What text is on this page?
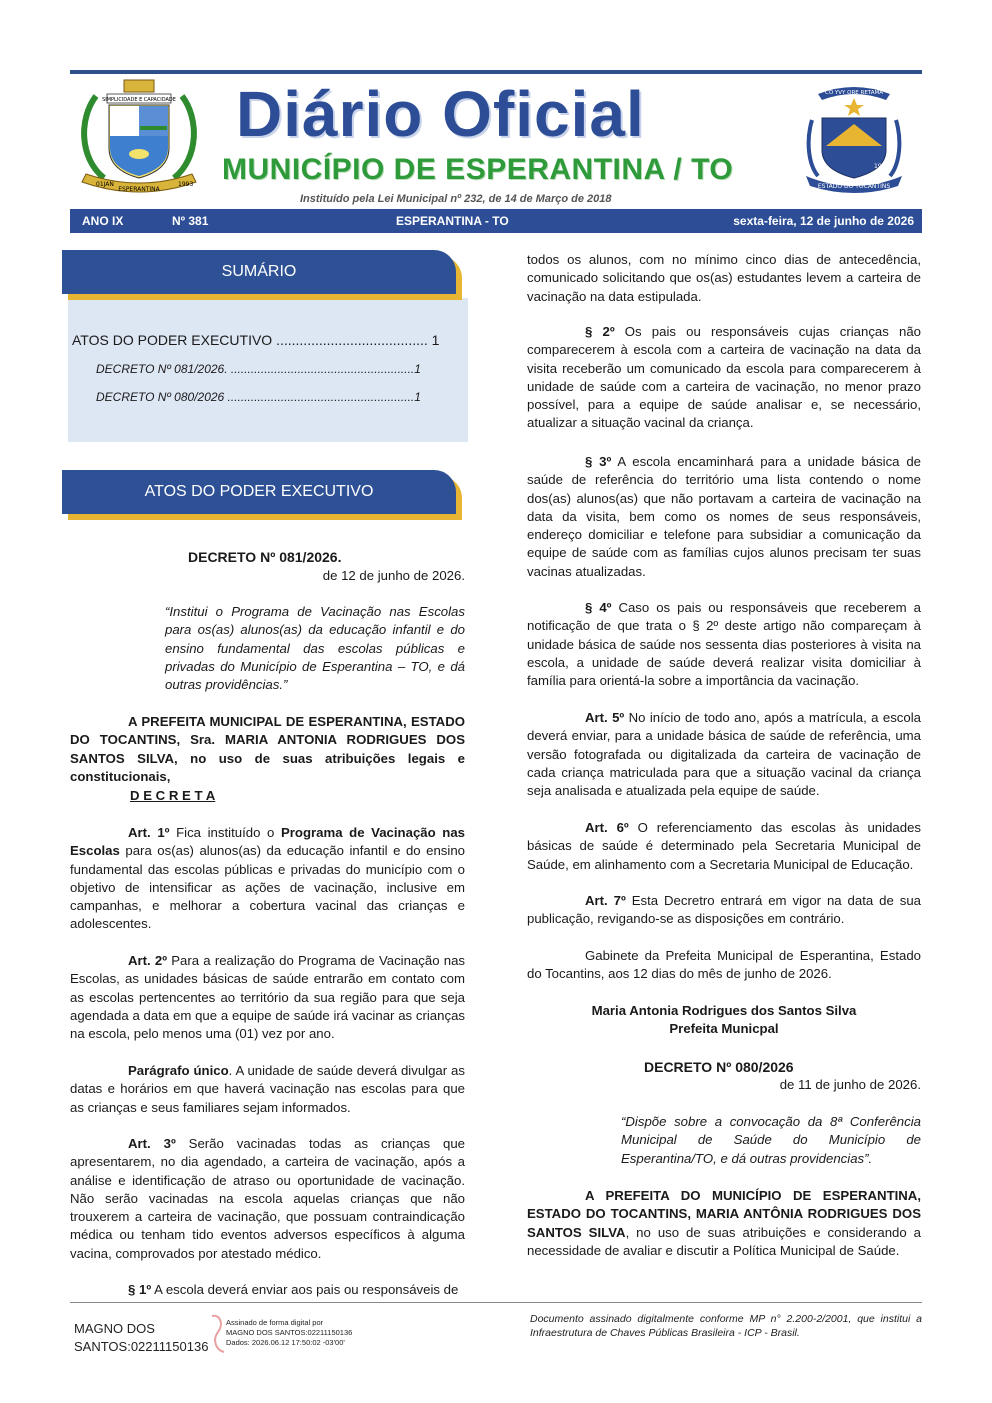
SIMPLICIDADE E CAPACIDADE
01JAN
ESPERANTINA
1993
Diário Oficial
MUNICÍPIO DE ESPERANTINA / TO
Instituído pela Lei Municipal nº 232, de 14 de Março de 2018
CO YVY ORE RETAMA
1989
ESTADO DO TOCANTINS
ANO IX	Nº 381	ESPERANTINA - TO	sexta-feira, 12 de junho de 2026
SUMÁRIO
ATOS DO PODER EXECUTIVO ....................................... 1
DECRETO Nº 081/2026. .......................................................1
DECRETO Nº 080/2026 ........................................................1
ATOS DO PODER EXECUTIVO
DECRETO Nº 081/2026.
de 12 de junho de 2026.
“Institui o Programa de Vacinação nas Escolas para os(as) alunos(as) da educação infantil e do ensino fundamental das escolas públicas e privadas do Município de Esperantina – TO, e dá outras providências.”
A PREFEITA MUNICIPAL DE ESPERANTINA, ESTADO DO TOCANTINS, Sra. MARIA ANTONIA RODRIGUES DOS SANTOS SILVA, no uso de suas atribuições legais e constitucionais,
D E C R E T A
Art. 1º Fica instituído o Programa de Vacinação nas Escolas para os(as) alunos(as) da educação infantil e do ensino fundamental das escolas públicas e privadas do município com o objetivo de intensificar as ações de vacinação, inclusive em campanhas, e melhorar a cobertura vacinal das crianças e adolescentes.
Art. 2º Para a realização do Programa de Vacinação nas Escolas, as unidades básicas de saúde entrarão em contato com as escolas pertencentes ao território da sua região para que seja agendada a data em que a equipe de saúde irá vacinar as crianças na escola, pelo menos uma (01) vez por ano.
Parágrafo único. A unidade de saúde deverá divulgar as datas e horários em que haverá vacinação nas escolas para que as crianças e seus familiares sejam informados.
Art. 3º Serão vacinadas todas as crianças que apresentarem, no dia agendado, a carteira de vacinação, após a análise e identificação de atraso ou oportunidade de vacinação. Não serão vacinadas na escola aquelas crianças que não trouxerem a carteira de vacinação, que possuam contraindicação médica ou tenham tido eventos adversos específicos à alguma vacina, comprovados por atestado médico.
§ 1º A escola deverá enviar aos pais ou responsáveis de
todos os alunos, com no mínimo cinco dias de antecedência, comunicado solicitando que os(as) estudantes levem a carteira de vacinação na data estipulada.
§ 2º Os pais ou responsáveis cujas crianças não comparecerem à escola com a carteira de vacinação na data da visita receberão um comunicado da escola para comparecerem à unidade de saúde com a carteira de vacinação, no menor prazo possível, para a equipe de saúde analisar e, se necessário, atualizar a situação vacinal da criança.
§ 3º A escola encaminhará para a unidade básica de saúde de referência do território uma lista contendo o nome dos(as) alunos(as) que não portavam a carteira de vacinação na data da visita, bem como os nomes de seus responsáveis, endereço domiciliar e telefone para subsidiar a comunicação da equipe de saúde com as famílias cujos alunos precisam ter suas vacinas atualizadas.
§ 4º Caso os pais ou responsáveis que receberem a notificação de que trata o § 2º deste artigo não compareçam à unidade básica de saúde nos sessenta dias posteriores à visita na escola, a unidade de saúde deverá realizar visita domiciliar à família para orientá-la sobre a importância da vacinação.
Art. 5º No início de todo ano, após a matrícula, a escola deverá enviar, para a unidade básica de saúde de referência, uma versão fotografada ou digitalizada da carteira de vacinação de cada criança matriculada para que a situação vacinal da criança seja analisada e atualizada pela equipe de saúde.
Art. 6º O referenciamento das escolas às unidades básicas de saúde é determinado pela Secretaria Municipal de Saúde, em alinhamento com a Secretaria Municipal de Educação.
Art. 7º Esta Decretro entrará em vigor na data de sua publicação, revigando-se as disposições em contrário.
Gabinete da Prefeita Municipal de Esperantina, Estado do Tocantins, aos 12 dias do mês de junho de 2026.
Maria Antonia Rodrigues dos Santos Silva
Prefeita Municpal
DECRETO Nº 080/2026
de 11 de junho de 2026.
“Dispõe sobre a convocação da 8ª Conferência Municipal de Saúde do Município de Esperantina/TO, e dá outras providencias”.
A PREFEITA DO MUNICÍPIO DE ESPERANTINA, ESTADO DO TOCANTINS, MARIA ANTÔNIA RODRIGUES DOS SANTOS SILVA, no uso de suas atribuições e considerando a necessidade de avaliar e discutir a Política Municipal de Saúde.
MAGNO DOS
SANTOS:02211150136
Assinado de forma digital por
MAGNO DOS SANTOS:02211150136
Dados: 2026.06.12 17:50:02 -03'00'
Documento assinado digitalmente conforme MP n° 2.200-2/2001, que institui a Infraestrutura de Chaves Públicas Brasileira - ICP - Brasil.
